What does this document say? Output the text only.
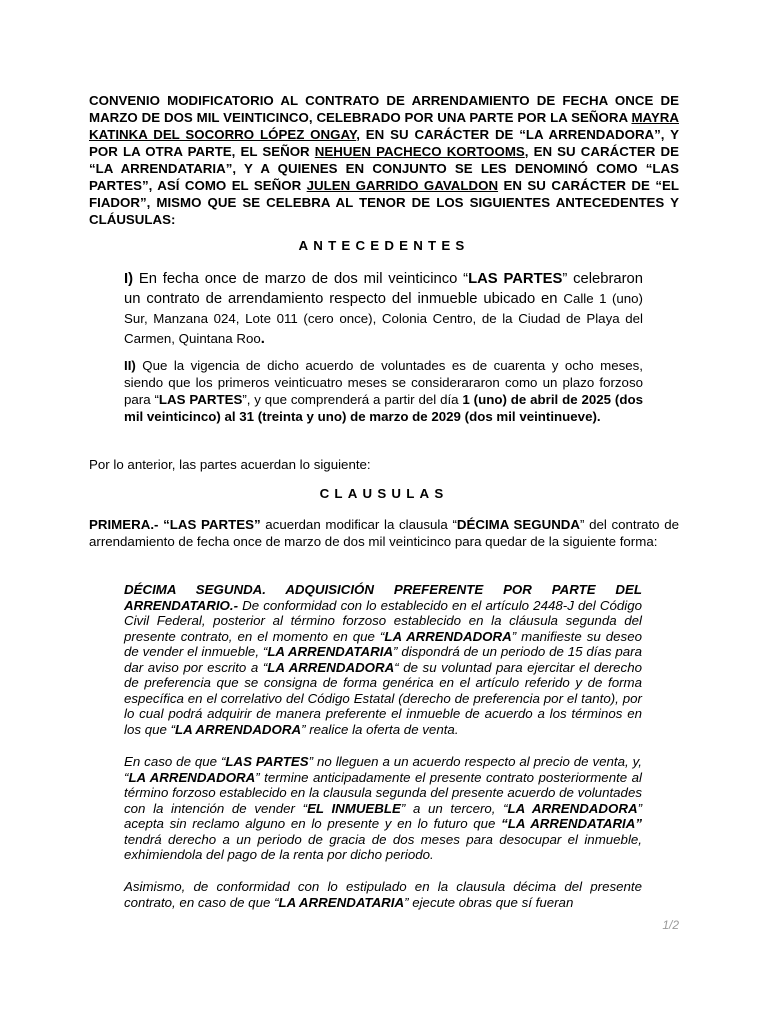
CONVENIO MODIFICATORIO AL CONTRATO DE ARRENDAMIENTO DE FECHA ONCE DE MARZO DE DOS MIL VEINTICINCO, CELEBRADO POR UNA PARTE POR LA SEÑORA MAYRA KATINKA DEL SOCORRO LÓPEZ ONGAY, EN SU CARÁCTER DE “LA ARRENDADORA”, Y POR LA OTRA PARTE, EL SEÑOR NEHUEN PACHECO KORTOOMS, EN SU CARÁCTER DE “LA ARRENDATARIA”, Y A QUIENES EN CONJUNTO SE LES DENOMINÓ COMO “LAS PARTES”, ASÍ COMO EL SEÑOR JULEN GARRIDO GAVALDON EN SU CARÁCTER DE “EL FIADOR”, MISMO QUE SE CELEBRA AL TENOR DE LOS SIGUIENTES ANTECEDENTES Y CLÁUSULAS:
ANTECEDENTES
I) En fecha once de marzo de dos mil veinticinco “LAS PARTES” celebraron un contrato de arrendamiento respecto del inmueble ubicado en Calle 1 (uno) Sur, Manzana 024, Lote 011 (cero once), Colonia Centro, de la Ciudad de Playa del Carmen, Quintana Roo.
II) Que la vigencia de dicho acuerdo de voluntades es de cuarenta y ocho meses, siendo que los primeros veinticuatro meses se considerararon como un plazo forzoso para “LAS PARTES”, y que comprenderá a partir del día 1 (uno) de abril de 2025 (dos mil veinticinco) al 31 (treinta y uno) de marzo de 2029 (dos mil veintinueve).
Por lo anterior, las partes acuerdan lo siguiente:
CLAUSULAS
PRIMERA.- “LAS PARTES” acuerdan modificar la clausula “DÉCIMA SEGUNDA” del contrato de arrendamiento de fecha once de marzo de dos mil veinticinco para quedar de la siguiente forma:
DÉCIMA SEGUNDA. ADQUISICIÓN PREFERENTE POR PARTE DEL ARRENDATARIO.- De conformidad con lo establecido en el artículo 2448-J del Código Civil Federal, posterior al término forzoso establecido en la cláusula segunda del presente contrato, en el momento en que “LA ARRENDADORA” manifieste su deseo de vender el inmueble, “LA ARRENDATARIA” dispondrá de un periodo de 15 días para dar aviso por escrito a “LA ARRENDADORA“ de su voluntad para ejercitar el derecho de preferencia que se consigna de forma genérica en el artículo referido y de forma específica en el correlativo del Código Estatal (derecho de preferencia por el tanto), por lo cual podrá adquirir de manera preferente el inmueble de acuerdo a los términos en los que “LA ARRENDADORA” realice la oferta de venta.
En caso de que “LAS PARTES” no lleguen a un acuerdo respecto al precio de venta, y, “LA ARRENDADORA” termine anticipadamente el presente contrato posteriormente al término forzoso establecido en la clausula segunda del presente acuerdo de voluntades con la intención de vender “EL INMUEBLE” a un tercero, “LA ARRENDADORA” acepta sin reclamo alguno en lo presente y en lo futuro que “LA ARRENDATARIA” tendrá derecho a un periodo de gracia de dos meses para desocupar el inmueble, exhimiendola del pago de la renta por dicho periodo.
Asimismo, de conformidad con lo estipulado en la clausula décima del presente contrato, en caso de que “LA ARRENDATARIA” ejecute obras que sí fueran
1/2
